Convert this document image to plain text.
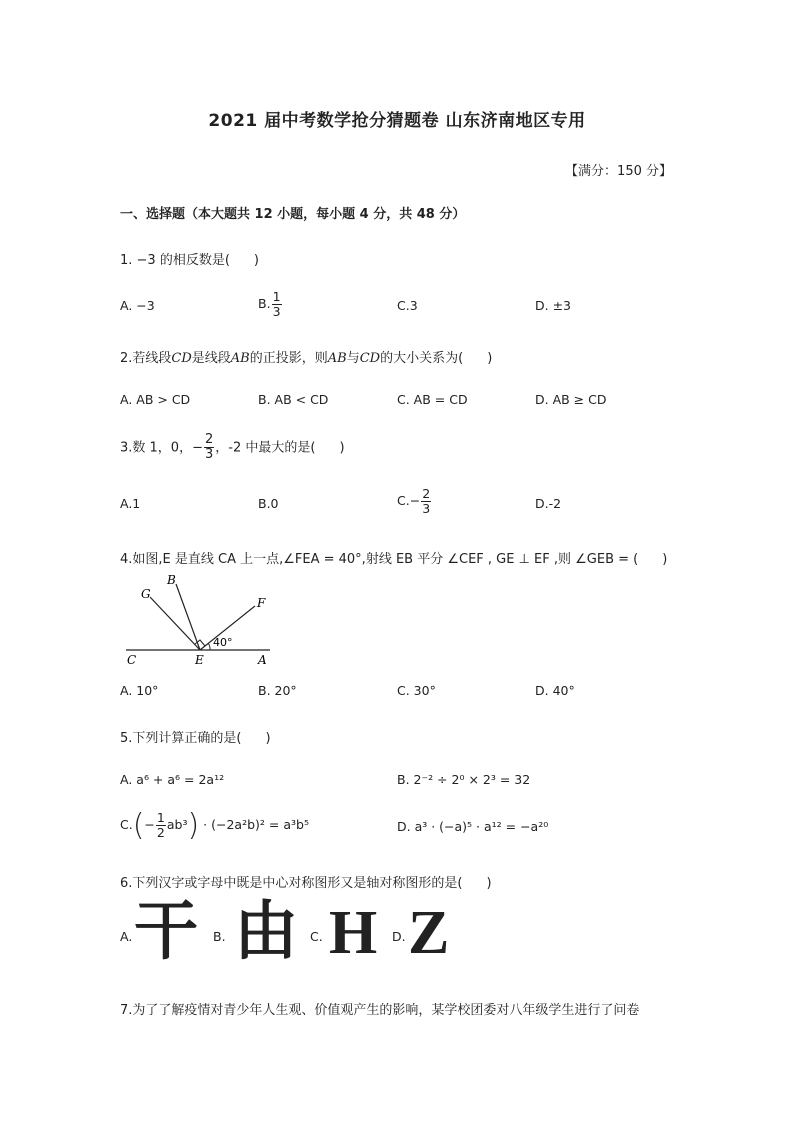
2021 届中考数学抢分猜题卷 山东济南地区专用
【满分：150 分】
一、选择题（本大题共 12 小题，每小题 4 分，共 48 分）
1. −3 的相反数是( )
A. −3	B. $\frac{1}{3}$	C.3	D. ±3
2.若线段CD是线段AB的正投影，则AB与CD的大小关系为( )
A. AB > CD	B. AB < CD	C. AB = CD	D. AB ≥ CD
3.数 1，0，− $\frac{2}{3}$ ，-2 中最大的是( )
A.1	B.0	$C.- \frac{2}{3}$	D.-2
4.如图,E 是直线 CA 上一点,∠FEA = 40°,射线 EB 平分 ∠CEF , GE ⊥ EF ,则 ∠GEB = ( )
G
B
F
C	E	A
40°
A. 10°	B. 20°	C. 30°	D. 40°
5.下列计算正确的是( )
A. a⁶ + a⁶ = 2a¹²	B. 2⁻² ÷ 2⁰ × 2³ = 32
$C.(- \frac{1}{2} ab^3) \cdot (-2a^2b)^2 = a^3b^5$	D. a³ · (−a)⁵ · a¹² = −a²⁰
6.下列汉字或字母中既是中心对称图形又是轴对称图形的是( )
A. 干 B. 由 C. H D. Z
7.为了了解疫情对青少年人生观、价值观产生的影响，某学校团委对八年级学生进行了问卷
